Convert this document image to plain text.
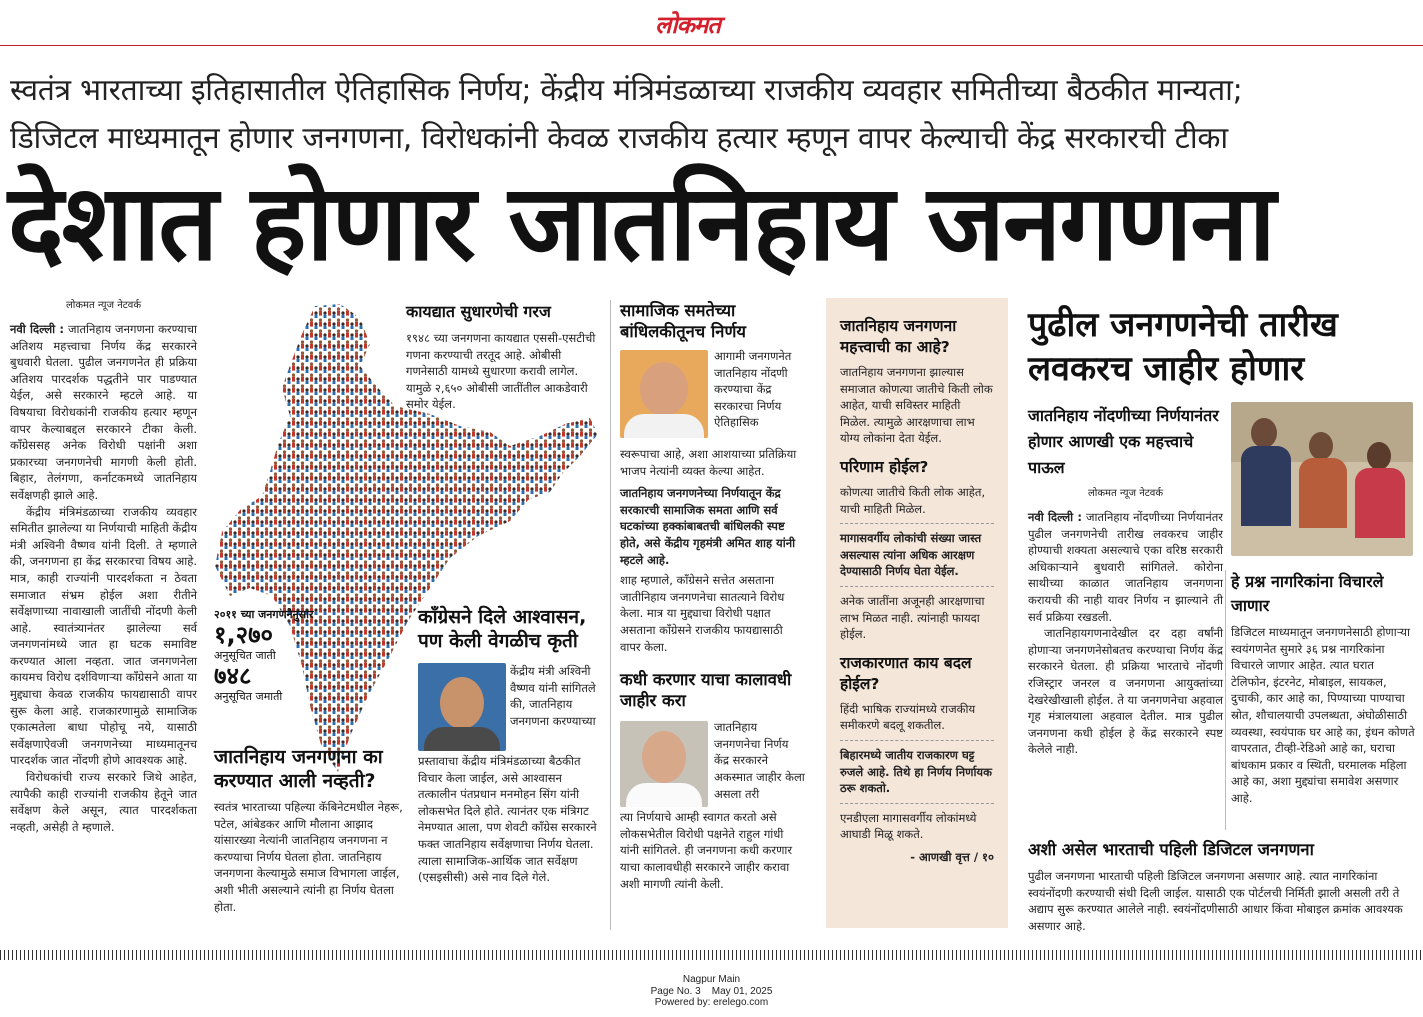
लोकमत
स्वतंत्र भारताच्या इतिहासातील ऐतिहासिक निर्णय; केंद्रीय मंत्रिमंडळाच्या राजकीय व्यवहार समितीच्या बैठकीत मान्यता;
डिजिटल माध्यमातून होणार जनगणना, विरोधकांनी केवळ राजकीय हत्यार म्हणून वापर केल्याची केंद्र सरकारची टीका
देशात होणार जातनिहाय जनगणना
लोकमत न्यूज नेटवर्क

नवी दिल्ली : जातनिहाय जनगणना करण्याचा अतिशय महत्त्वाचा निर्णय केंद्र सरकारने बुधवारी घेतला. पुढील जनगणनेत ही प्रक्रिया अतिशय पारदर्शक पद्धतीने पार पाडण्यात येईल, असे सरकारने म्हटले आहे. या विषयाचा विरोधकांनी राजकीय हत्यार म्हणून वापर केल्याबद्दल सरकारने टीका केली. काँग्रेससह अनेक विरोधी पक्षांनी अशा प्रकारच्या जनगणनेची मागणी केली होती. बिहार, तेलंगणा, कर्नाटकमध्ये जातनिहाय सर्वेक्षणही झाले आहे.

केंद्रीय मंत्रिमंडळाच्या राजकीय व्यवहार समितीत झालेल्या या निर्णयाची माहिती केंद्रीय मंत्री अश्विनी वैष्णव यांनी दिली. ते म्हणाले की, जनगणना हा केंद्र सरकारचा विषय आहे. मात्र, काही राज्यांनी पारदर्शकता न ठेवता समाजात संभ्रम होईल अशा रीतीने सर्वेक्षणाच्या नावाखाली जातींची नोंदणी केली आहे. स्वातंत्र्यानंतर झालेल्या सर्व जनगणनांमध्ये जात हा घटक समाविष्ट करण्यात आला नव्हता. जात जनगणनेला कायमच विरोध दर्शविणाऱ्या काँग्रेसने आता या मुद्द्याचा केवळ राजकीय फायद्यासाठी वापर सुरू केला आहे. राजकारणामुळे सामाजिक एकात्मतेला बाधा पोहोचू नये, यासाठी सर्वेक्षणाऐवजी जनगणनेच्या माध्यमातूनच पारदर्शक जात नोंदणी होणे आवश्यक आहे.

विरोधकांची राज्य सरकारे जिथे आहेत, त्यापैकी काही राज्यांनी राजकीय हेतूने जात सर्वेक्षण केले असून, त्यात पारदर्शकता नव्हती, असेही ते म्हणाले.

२०११ च्या जनगणनेनुसार
१,२७०
अनुसूचित जाती
७४८
अनुसूचित जमाती
जातनिहाय जनगणना का करण्यात आली नव्हती?

स्वतंत्र भारताच्या पहिल्या कॅबिनेटमधील नेहरू, पटेल, आंबेडकर आणि मौलाना आझाद यांसारख्या नेत्यांनी जातनिहाय जनगणना न करण्याचा निर्णय घेतला होता. जातनिहाय जनगणना केल्यामुळे समाज विभागला जाईल, अशी भीती असल्याने त्यांनी हा निर्णय घेतला होता.

कायद्यात सुधारणेची गरज

१९४८ च्या जनगणना कायद्यात एससी-एसटीची गणना करण्याची तरतूद आहे. ओबीसी गणनेसाठी यामध्ये सुधारणा करावी लागेल. यामुळे २,६५० ओबीसी जातींतील आकडेवारी समोर येईल.

काँग्रेसने दिले आश्वासन, पण केली वेगळीच कृती

केंद्रीय मंत्री अश्विनी वैष्णव यांनी सांगितले की, जातनिहाय जनगणना करण्याच्या

प्रस्तावाचा केंद्रीय मंत्रिमंडळाच्या बैठकीत विचार केला जाईल, असे आश्वासन तत्कालीन पंतप्रधान मनमोहन सिंग यांनी लोकसभेत दिले होते. त्यानंतर एक मंत्रिगट नेमण्यात आला, पण शेवटी काँग्रेस सरकारने फक्त जातनिहाय सर्वेक्षणाचा निर्णय घेतला. त्याला सामाजिक-आर्थिक जात सर्वेक्षण (एसइसीसी) असे नाव दिले गेले.

सामाजिक समतेच्या बांधिलकीतूनच निर्णय

आगामी जनगणनेत जातनिहाय नोंदणी करण्याचा केंद्र सरकारचा निर्णय ऐतिहासिक

स्वरूपाचा आहे, अशा आशयाच्या प्रतिक्रिया भाजप नेत्यांनी व्यक्त केल्या आहेत.

जातनिहाय जनगणनेच्या निर्णयातून केंद्र सरकारची सामाजिक समता आणि सर्व घटकांच्या हक्कांबाबतची बांधिलकी स्पष्ट होते, असे केंद्रीय गृहमंत्री अमित शाह यांनी म्हटले आहे.

शाह म्हणाले, काँग्रेसने सत्तेत असताना जातीनिहाय जनगणनेचा सातत्याने विरोध केला. मात्र या मुद्द्याचा विरोधी पक्षात असताना काँग्रेसने राजकीय फायद्यासाठी वापर केला.

कधी करणार याचा कालावधी जाहीर करा

जातनिहाय जनगणनेचा निर्णय केंद्र सरकारने अकस्मात जाहीर केला असला तरी

त्या निर्णयाचे आम्ही स्वागत करतो असे लोकसभेतील विरोधी पक्षनेते राहुल गांधी यांनी सांगितले. ही जनगणना कधी करणार याचा कालावधीही सरकारने जाहीर करावा अशी मागणी त्यांनी केली.

जातनिहाय जनगणना महत्त्वाची का आहे?

जातनिहाय जनगणना झाल्यास समाजात कोणत्या जातीचे किती लोक आहेत, याची सविस्तर माहिती मिळेल. त्यामुळे आरक्षणाचा लाभ योग्य लोकांना देता येईल.

परिणाम होईल?

कोणत्या जातीचे किती लोक आहेत, याची माहिती मिळेल.

मागासवर्गीय लोकांची संख्या जास्त असल्यास त्यांना अधिक आरक्षण देण्यासाठी निर्णय घेता येईल.

अनेक जातींना अजूनही आरक्षणाचा लाभ मिळत नाही. त्यांनाही फायदा होईल.

राजकारणात काय बदल होईल?

हिंदी भाषिक राज्यांमध्ये राजकीय समीकरणे बदलू शकतील.

बिहारमध्ये जातीय राजकारण घट्ट रुजले आहे. तिथे हा निर्णय निर्णायक ठरू शकतो.

एनडीएला मागासवर्गीय लोकांमध्ये आघाडी मिळू शकते.

- आणखी वृत्त / १०

पुढील जनगणनेची तारीख लवकरच जाहीर होणार
जातनिहाय नोंदणीच्या निर्णयानंतर होणार आणखी एक महत्त्वाचे पाऊल
लोकमत न्यूज नेटवर्क

नवी दिल्ली : जातनिहाय नोंदणीच्या निर्णयानंतर पुढील जनगणनेची तारीख लवकरच जाहीर होण्याची शक्यता असल्याचे एका वरिष्ठ सरकारी अधिकाऱ्याने बुधवारी सांगितले. कोरोना साथीच्या काळात जातनिहाय जनगणना करायची की नाही यावर निर्णय न झाल्याने ती सर्व प्रक्रिया रखडली.

जातनिहायगणनादेखील दर दहा वर्षांनी होणाऱ्या जनगणनेसोबतच करण्याचा निर्णय केंद्र सरकारने घेतला. ही प्रक्रिया भारताचे नोंदणी रजिस्ट्रार जनरल व जनगणना आयुक्तांच्या देखरेखीखाली होईल. ते या जनगणनेचा अहवाल गृह मंत्रालयाला अहवाल देतील. मात्र पुढील जनगणना कधी होईल हे केंद्र सरकारने स्पष्ट केलेले नाही.

हे प्रश्न नागरिकांना विचारले जाणार

डिजिटल माध्यमातून जनगणनेसाठी होणाऱ्या स्वयंगणनेत सुमारे ३६ प्रश्न नागरिकांना विचारले जाणार आहेत. त्यात घरात टेलिफोन, इंटरनेट, मोबाइल, सायकल, दुचाकी, कार आहे का, पिण्याच्या पाण्याचा स्रोत, शौचालयाची उपलब्धता, अंघोळीसाठी व्यवस्था, स्वयंपाक घर आहे का, इंधन कोणते वापरतात, टीव्ही-रेडिओ आहे का, घराचा बांधकाम प्रकार व स्थिती, घरमालक महिला आहे का, अशा मुद्द्यांचा समावेश असणार आहे.

अशी असेल भारताची पहिली डिजिटल जनगणना

पुढील जनगणना भारताची पहिली डिजिटल जनगणना असणार आहे. त्यात नागरिकांना स्वयंनोंदणी करण्याची संधी दिली जाईल. यासाठी एक पोर्टलची निर्मिती झाली असली तरी ते अद्याप सुरू करण्यात आलेले नाही. स्वयंनोंदणीसाठी आधार किंवा मोबाइल क्रमांक आवश्यक असणार आहे.

Nagpur Main
Page No. 3 May 01, 2025
Powered by: erelego.com
